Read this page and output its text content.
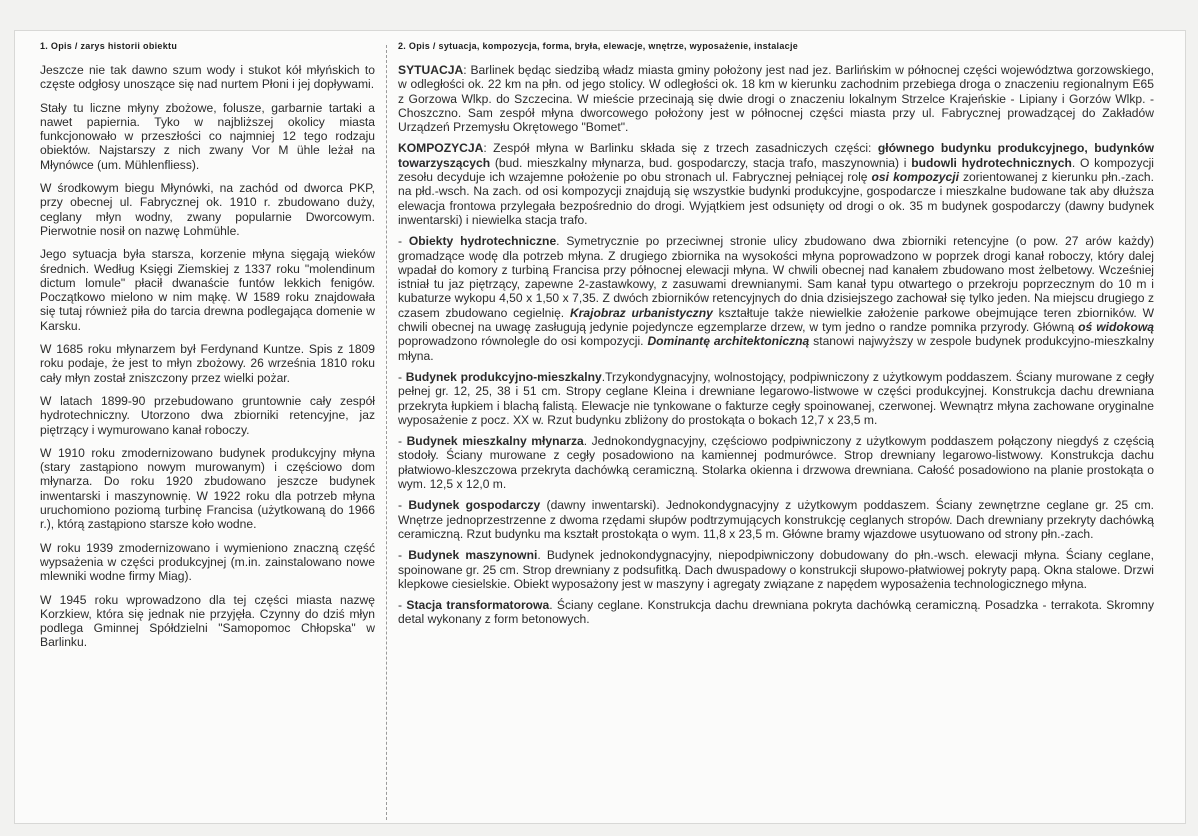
1. Opis / zarys historii obiektu

Jeszcze nie tak dawno szum wody i stukot kół młyńskich to częste odgłosy unoszące się nad nurtem Płoni i jej dopływami.

Stały tu liczne młyny zbożowe, folusze, garbarnie tartaki a nawet papiernia. Tyko w najbliższej okolicy miasta funkcjonowało w przeszłości co najmniej 12 tego rodzaju obiektów. Najstarszy z nich zwany Vor M ühle leżał na Młynówce (um. Mühlenfliess).

W środkowym biegu Młynówki, na zachód od dworca PKP, przy obecnej ul. Fabrycznej ok. 1910 r. zbudowano duży, ceglany młyn wodny, zwany popularnie Dworcowym. Pierwotnie nosił on nazwę Lohmühle.

Jego sytuacja była starsza, korzenie młyna sięgają wieków średnich. Według Księgi Ziemskiej z 1337 roku "molendinum dictum lomule" płacił dwanaście funtów lekkich fenigów. Początkowo mielono w nim mąkę. W 1589 roku znajdowała się tutaj również piła do tarcia drewna podlegająca domenie w Karsku.

W 1685 roku młynarzem był Ferdynand Kuntze. Spis z 1809 roku podaje, że jest to młyn zbożowy. 26 września 1810 roku cały młyn został zniszczony przez wielki pożar.

W latach 1899-90 przebudowano gruntownie cały zespół hydrotechniczny. Utorzono dwa zbiorniki retencyjne, jaz piętrzący i wymurowano kanał roboczy.

W 1910 roku zmodernizowano budynek produkcyjny młyna (stary zastąpiono nowym murowanym) i częściowo dom młynarza. Do roku 1920 zbudowano jeszcze budynek inwentarski i maszynownię. W 1922 roku dla potrzeb młyna uruchomiono poziomą turbinę Francisa (użytkowaną do 1966 r.), którą zastąpiono starsze koło wodne.

W roku 1939 zmodernizowano i wymieniono znaczną część wypsażenia w części produkcyjnej (m.in. zainstalowano nowe mlewniki wodne firmy Miag).

W 1945 roku wprowadzono dla tej części miasta nazwę Korzkiew, która się jednak nie przyjęła. Czynny do dziś młyn podlega Gminnej Spółdzielni "Samopomoc Chłopska" w Barlinku.

2. Opis / sytuacja, kompozycja, forma, bryła, elewacje, wnętrze, wyposażenie, instalacje

SYTUACJA: Barlinek będąc siedzibą władz miasta gminy położony jest nad jez. Barlińskim w północnej części województwa gorzowskiego, w odległości ok. 22 km na płn. od jego stolicy. W odległości ok. 18 km w kierunku zachodnim przebiega droga o znaczeniu regionalnym E65 z Gorzowa Wlkp. do Szczecina. W mieście przecinają się dwie drogi o znaczeniu lokalnym Strzelce Krajeńskie - Lipiany i Gorzów Wlkp. - Choszczno. Sam zespół młyna dworcowego położony jest w północnej części miasta przy ul. Fabrycznej prowadzącej do Zakładów Urządzeń Przemysłu Okrętowego "Bomet".

KOMPOZYCJA: Zespół młyna w Barlinku składa się z trzech zasadniczych części: głównego budynku produkcyjnego, budynków towarzyszących (bud. mieszkalny młynarza, bud. gospodarczy, stacja trafo, maszynownia) i budowli hydrotechnicznych. O kompozycji zesołu decyduje ich wzajemne położenie po obu stronach ul. Fabrycznej pełniącej rolę osi kompozycji zorientowanej z kierunku płn.-zach. na płd.-wsch. Na zach. od osi kompozycji znajdują się wszystkie budynki produkcyjne, gospodarcze i mieszkalne budowane tak aby dłuższa elewacja frontowa przylegała bezpośrednio do drogi. Wyjątkiem jest odsunięty od drogi o ok. 35 m budynek gospodarczy (dawny budynek inwentarski) i niewielka stacja trafo.

- Obiekty hydrotechniczne. Symetrycznie po przeciwnej stronie ulicy zbudowano dwa zbiorniki retencyjne (o pow. 27 arów każdy) gromadzące wodę dla potrzeb młyna. Z drugiego zbiornika na wysokości młyna poprowadzono w poprzek drogi kanał roboczy, który dalej wpadał do komory z turbiną Francisa przy północnej elewacji młyna. W chwili obecnej nad kanałem zbudowano most żelbetowy. Wcześniej istniał tu jaz piętrzący, zapewne 2-zastawkowy, z zasuwami drewnianymi. Sam kanał typu otwartego o przekroju poprzecznym do 10 m i kubaturze wykopu 4,50 x 1,50 x 7,35. Z dwóch zbiorników retencyjnych do dnia dzisiejszego zachował się tylko jeden. Na miejscu drugiego z czasem zbudowano cegielnię. Krajobraz urbanistyczny kształtuje także niewielkie założenie parkowe obejmujące teren zbiorników. W chwili obecnej na uwagę zasługują jedynie pojedyncze egzemplarze drzew, w tym jedno o randze pomnika przyrody. Główną oś widokową poprowadzono równolegle do osi kompozycji. Dominantę architektoniczną stanowi najwyższy w zespole budynek produkcyjno-mieszkalny młyna.

- Budynek produkcyjno-mieszkalny.Trzykondygnacyjny, wolnostojący, podpiwniczony z użytkowym poddaszem. Ściany murowane z cegły pełnej gr. 12, 25, 38 i 51 cm. Stropy ceglane Kleina i drewniane legarowo-listwowe w części produkcyjnej. Konstrukcja dachu drewniana przekryta łupkiem i blachą falistą. Elewacje nie tynkowane o fakturze cegły spoinowanej, czerwonej. Wewnątrz młyna zachowane oryginalne wyposażenie z pocz. XX w. Rzut budynku zbliżony do prostokąta o bokach 12,7 x 23,5 m.

- Budynek mieszkalny młynarza. Jednokondygnacyjny, częściowo podpiwniczony z użytkowym poddaszem połączony niegdyś z częścią stodoły. Ściany murowane z cegły posadowiono na kamiennej podmurówce. Strop drewniany legarowo-listwowy. Konstrukcja dachu płatwiowo-kleszczowa przekryta dachówką ceramiczną. Stolarka okienna i drzwowa drewniana. Całość posadowiono na planie prostokąta o wym. 12,5 x 12,0 m.

- Budynek gospodarczy (dawny inwentarski). Jednokondygnacyjny z użytkowym poddaszem. Ściany zewnętrzne ceglane gr. 25 cm. Wnętrze jednoprzestrzenne z dwoma rzędami słupów podtrzymujących konstrukcję ceglanych stropów. Dach drewniany przekryty dachówką ceramiczną. Rzut budynku ma kształt prostokąta o wym. 11,8 x 23,5 m. Główne bramy wjazdowe usytuowano od strony płn.-zach.

- Budynek maszynowni. Budynek jednokondygnacyjny, niepodpiwniczony dobudowany do płn.-wsch. elewacji młyna. Ściany ceglane, spoinowane gr. 25 cm. Strop drewniany z podsufitką. Dach dwuspadowy o konstrukcji słupowo-płatwiowej pokryty papą. Okna stalowe. Drzwi klepkowe ciesielskie. Obiekt wyposażony jest w maszyny i agregaty związane z napędem wyposażenia technologicznego młyna.

- Stacja transformatorowa. Ściany ceglane. Konstrukcja dachu drewniana pokryta dachówką ceramiczną. Posadzka - terrakota. Skromny detal wykonany z form betonowych.
